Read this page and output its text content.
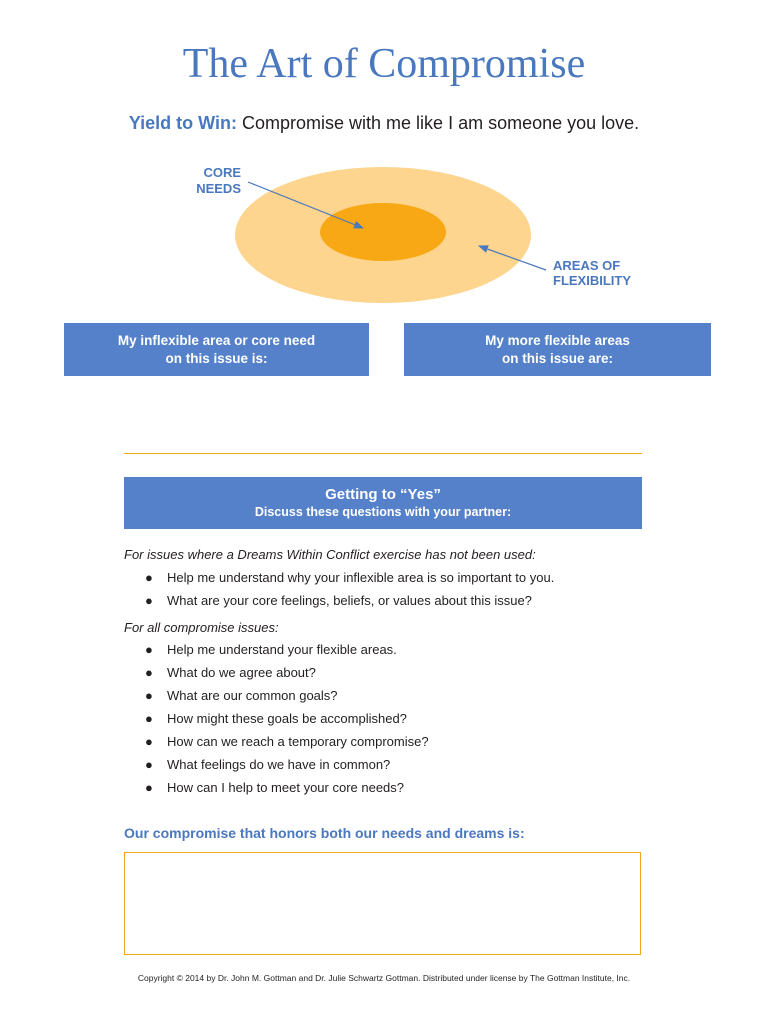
The Art of Compromise

Yield to Win: Compromise with me like I am someone you love.

CORE
NEEDS
AREAS OF
FLEXIBILITY
My inflexible area or core need
on this issue is:
My more flexible areas
on this issue are:
Getting to “Yes”
Discuss these questions with your partner:
For issues where a Dreams Within Conflict exercise has not been used:
● Help me understand why your inflexible area is so important to you.
● What are your core feelings, beliefs, or values about this issue?
For all compromise issues:
● Help me understand your flexible areas.
● What do we agree about?
● What are our common goals?
● How might these goals be accomplished?
● How can we reach a temporary compromise?
● What feelings do we have in common?
● How can I help to meet your core needs?
Our compromise that honors both our needs and dreams is:
Copyright © 2014 by Dr. John M. Gottman and Dr. Julie Schwartz Gottman. Distributed under license by The Gottman Institute, Inc.
